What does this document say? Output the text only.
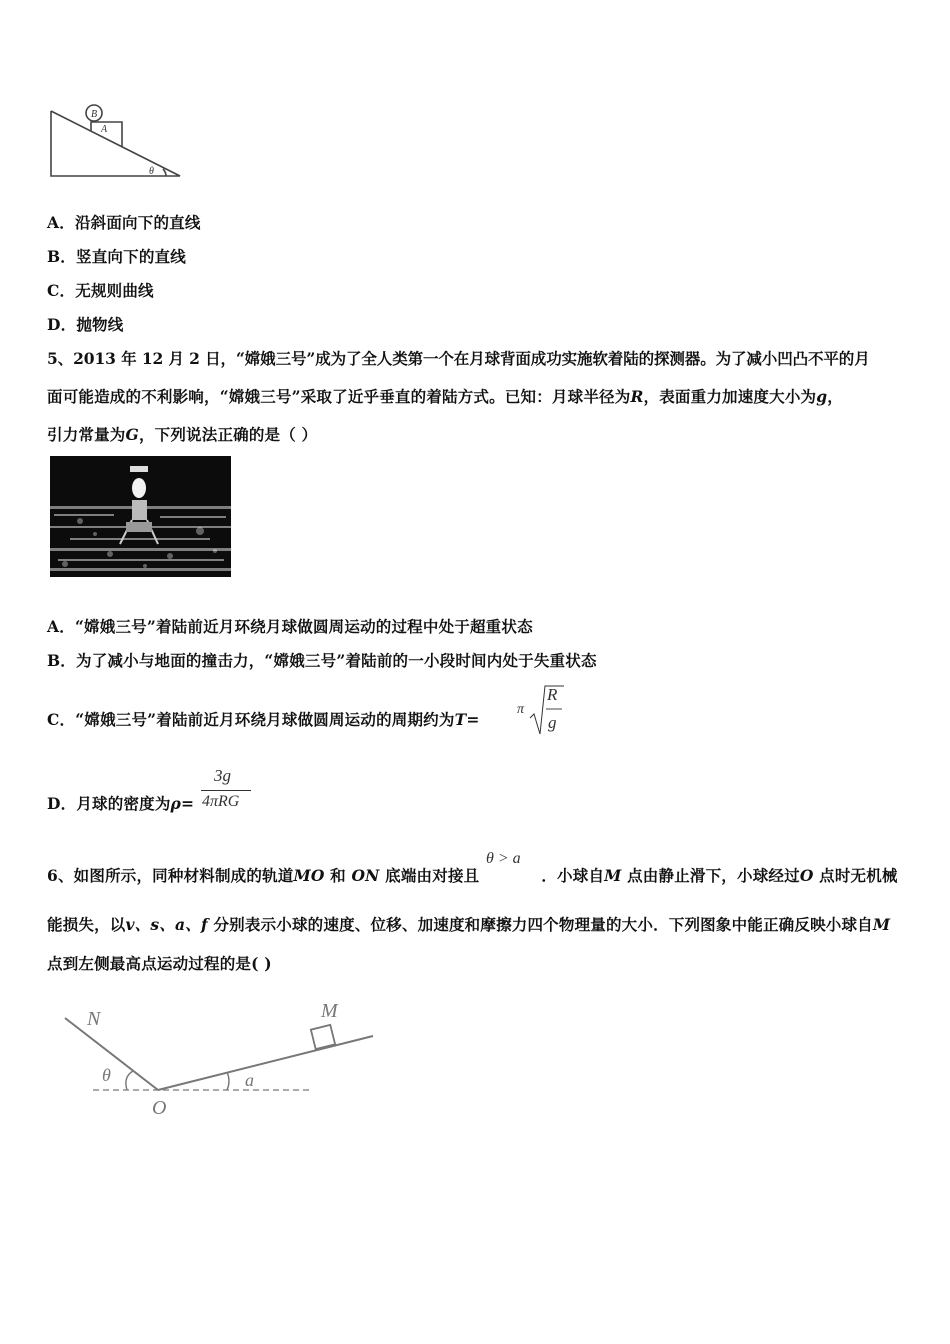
B
A
θ
A．沿斜面向下的直线
B．竖直向下的直线
C．无规则曲线
D．抛物线
5、2013 年 12 月 2 日，“嫦娥三号”成为了全人类第一个在月球背面成功实施软着陆的探测器。为了减小凹凸不平的月
面可能造成的不利影响，“嫦娥三号”采取了近乎垂直的着陆方式。已知：月球半径为R，表面重力加速度大小为g，
引力常量为G，下列说法正确的是（ ）
A．“嫦娥三号”着陆前近月环绕月球做圆周运动的过程中处于超重状态
B．为了减小与地面的撞击力，“嫦娥三号”着陆前的一小段时间内处于失重状态
C．“嫦娥三号”着陆前近月环绕月球做圆周运动的周期约为T=
π
R
g
D．月球的密度为ρ=
3g
4πRG
6、如图所示，同种材料制成的轨道MO 和 ON 底端由对接且	．小球自M 点由静止滑下，小球经过O 点时无机械
θ > a
能损失，以v、s、a、f 分别表示小球的速度、位移、加速度和摩擦力四个物理量的大小．下列图象中能正确反映小球自M
点到左侧最高点运动过程的是( )
N	M
θ	a
O
